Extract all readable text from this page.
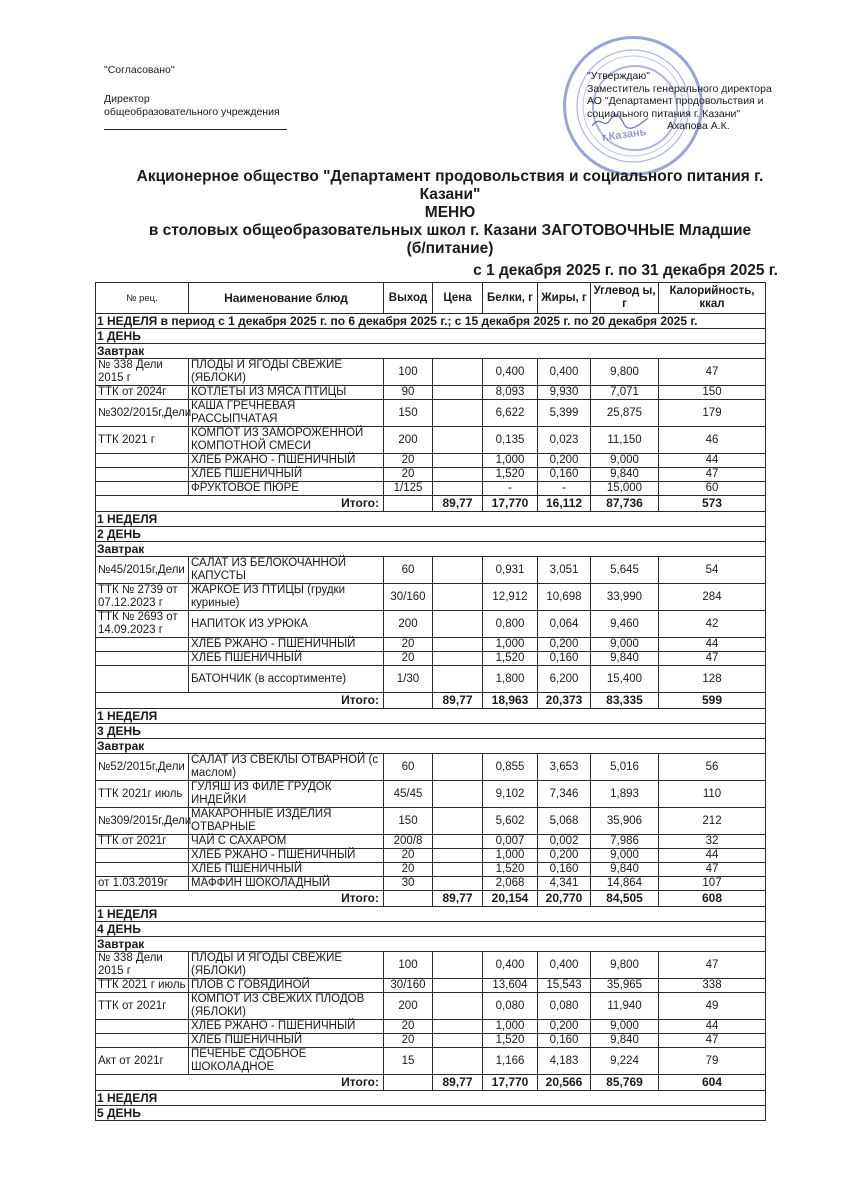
"Согласовано"
Директор
общеобразовательного учреждения
г.Казань
"Утверждаю"
Заместитель генерального директора
АО "Департамент продовольствия и
социального питания г. Казани"
Ахапова А.К.
Акционерное общество "Департамент продовольствия и социального питания г.
Казани"
МЕНЮ
в столовых общеобразовательных школ г. Казани ЗАГОТОВОЧНЫЕ Младшие
(б/питание)
с 1 декабря 2025 г. по 31 декабря 2025 г.
№ рец.	Наименование блюд	Выход	Цена	Белки, г	Жиры, г	Углевод ы, г	Калорийность, ккал
1 НЕДЕЛЯ в период с 1 декабря 2025 г. по 6 декабря 2025 г.; с 15 декабря 2025 г. по 20 декабря 2025 г.							
1 ДЕНЬ							
Завтрак							
№ 338 Дели 2015 г	ПЛОДЫ И ЯГОДЫ СВЕЖИЕ (ЯБЛОКИ)	100		0,400	0,400	9,800	47
ТТК от 2024г	КОТЛЕТЫ ИЗ МЯСА ПТИЦЫ	90		8,093	9,930	7,071	150
№302/2015г,Дели	КАША ГРЕЧНЕВАЯ РАССЫПЧАТАЯ	150		6,622	5,399	25,875	179
ТТК 2021 г	КОМПОТ ИЗ ЗАМОРОЖЕННОЙ КОМПОТНОЙ СМЕСИ	200		0,135	0,023	11,150	46
	ХЛЕБ РЖАНО - ПШЕНИЧНЫЙ	20		1,000	0,200	9,000	44
	ХЛЕБ ПШЕНИЧНЫЙ	20		1,520	0,160	9,840	47
	ФРУКТОВОЕ ПЮРЕ	1/125		-	-	15,000	60
Итого:			89,77	17,770	16,112	87,736	573
1 НЕДЕЛЯ							
2 ДЕНЬ							
Завтрак							
№45/2015г,Дели	САЛАТ ИЗ БЕЛОКОЧАННОЙ КАПУСТЫ	60		0,931	3,051	5,645	54
ТТК № 2739 от 07.12.2023 г	ЖАРКОЕ ИЗ ПТИЦЫ (грудки куриные)	30/160		12,912	10,698	33,990	284
ТТК № 2693 от 14.09.2023 г	НАПИТОК ИЗ УРЮКА	200		0,800	0,064	9,460	42
	ХЛЕБ РЖАНО - ПШЕНИЧНЫЙ	20		1,000	0,200	9,000	44
	ХЛЕБ ПШЕНИЧНЫЙ	20		1,520	0,160	9,840	47
	БАТОНЧИК (в ассортименте)	1/30		1,800	6,200	15,400	128
Итого:			89,77	18,963	20,373	83,335	599
1 НЕДЕЛЯ							
3 ДЕНЬ							
Завтрак							
№52/2015г,Дели	САЛАТ ИЗ СВЕКЛЫ ОТВАРНОЙ (с маслом)	60		0,855	3,653	5,016	56
ТТК 2021г июль	ГУЛЯШ ИЗ ФИЛЕ ГРУДОК ИНДЕЙКИ	45/45		9,102	7,346	1,893	110
№309/2015г,Дели	МАКАРОННЫЕ ИЗДЕЛИЯ ОТВАРНЫЕ	150		5,602	5,068	35,906	212
ТТК от 2021г	ЧАЙ С САХАРОМ	200/8		0,007	0,002	7,986	32
	ХЛЕБ РЖАНО - ПШЕНИЧНЫЙ	20		1,000	0,200	9,000	44
	ХЛЕБ ПШЕНИЧНЫЙ	20		1,520	0,160	9,840	47
от 1.03.2019г	МАФФИН ШОКОЛАДНЫЙ	30		2,068	4,341	14,864	107
Итого:			89,77	20,154	20,770	84,505	608
1 НЕДЕЛЯ							
4 ДЕНЬ							
Завтрак							
№ 338 Дели 2015 г	ПЛОДЫ И ЯГОДЫ СВЕЖИЕ (ЯБЛОКИ)	100		0,400	0,400	9,800	47
ТТК 2021 г июль	ПЛОВ С ГОВЯДИНОЙ	30/160		13,604	15,543	35,965	338
ТТК от 2021г	КОМПОТ ИЗ СВЕЖИХ ПЛОДОВ (ЯБЛОКИ)	200		0,080	0,080	11,940	49
	ХЛЕБ РЖАНО - ПШЕНИЧНЫЙ	20		1,000	0,200	9,000	44
	ХЛЕБ ПШЕНИЧНЫЙ	20		1,520	0,160	9,840	47
Акт от 2021г	ПЕЧЕНЬЕ СДОБНОЕ ШОКОЛАДНОЕ	15		1,166	4,183	9,224	79
Итого:			89,77	17,770	20,566	85,769	604
1 НЕДЕЛЯ							
5 ДЕНЬ							
